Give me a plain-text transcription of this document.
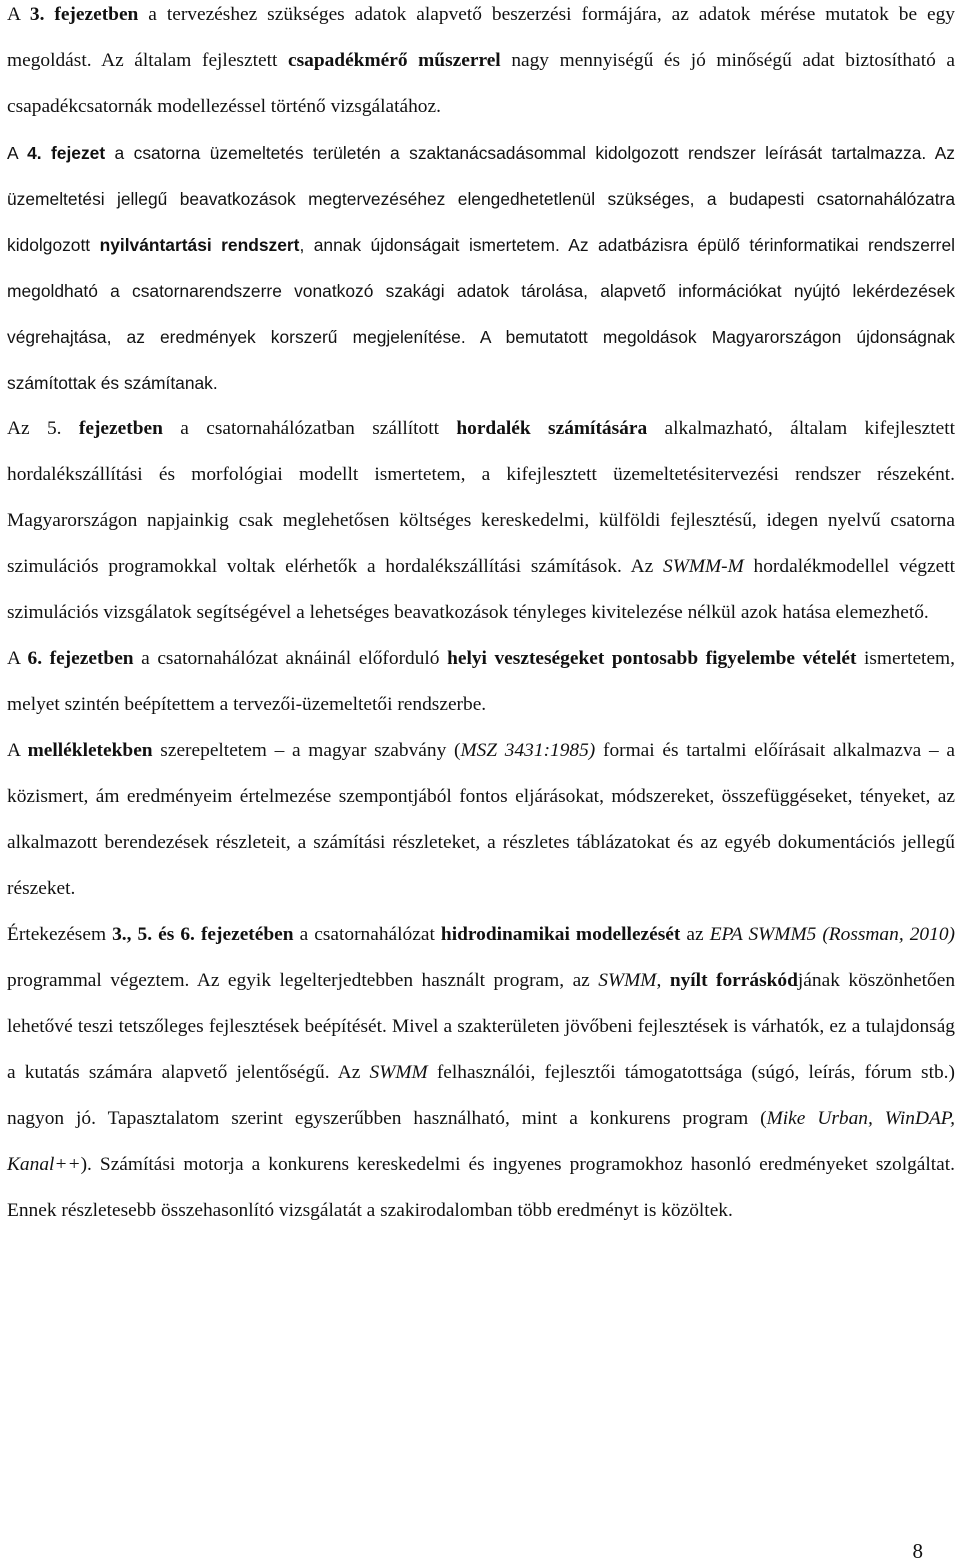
A 3. fejezetben a tervezéshez szükséges adatok alapvető beszerzési formájára, az adatok mérése mutatok be egy megoldást. Az általam fejlesztett csapadékmérő műszerrel nagy mennyiségű és jó minőségű adat biztosítható a csapadékcsatornák modellezéssel történő vizsgálatához.

A 4. fejezet a csatorna üzemeltetés területén a szaktanácsadásommal kidolgozott rendszer leírását tartalmazza. Az üzemeltetési jellegű beavatkozások megtervezéséhez elengedhetetlenül szükséges, a budapesti csatornahálózatra kidolgozott nyilvántartási rendszert, annak újdonságait ismertetem. Az adatbázisra épülő térinformatikai rendszerrel megoldható a csatornarendszerre vonatkozó szakági adatok tárolása, alapvető információkat nyújtó lekérdezések végrehajtása, az eredmények korszerű megjelenítése. A bemutatott megoldások Magyarországon újdonságnak számítottak és számítanak.

Az 5. fejezetben a csatornahálózatban szállított hordalék számítására alkalmazható, általam kifejlesztett hordalékszállítási és morfológiai modellt ismertetem, a kifejlesztett üzemeltetésitervezési rendszer részeként. Magyarországon napjainkig csak meglehetősen költséges kereskedelmi, külföldi fejlesztésű, idegen nyelvű csatorna szimulációs programokkal voltak elérhetők a hordalékszállítási számítások. Az SWMM-M hordalékmodellel végzett szimulációs vizsgálatok segítségével a lehetséges beavatkozások tényleges kivitelezése nélkül azok hatása elemezhető.

A 6. fejezetben a csatornahálózat aknáinál előforduló helyi veszteségeket pontosabb figyelembe vételét ismertetem, melyet szintén beépítettem a tervezői-üzemeltetői rendszerbe.

A mellékletekben szerepeltetem – a magyar szabvány (MSZ 3431:1985) formai és tartalmi előírásait alkalmazva – a közismert, ám eredményeim értelmezése szempontjából fontos eljárásokat, módszereket, összefüggéseket, tényeket, az alkalmazott berendezések részleteit, a számítási részleteket, a részletes táblázatokat és az egyéb dokumentációs jellegű részeket.

Értekezésem 3., 5. és 6. fejezetében a csatornahálózat hidrodinamikai modellezését az EPA SWMM5 (Rossman, 2010) programmal végeztem. Az egyik legelterjedtebben használt program, az SWMM, nyílt forráskódjának köszönhetően lehetővé teszi tetszőleges fejlesztések beépítését. Mivel a szakterületen jövőbeni fejlesztések is várhatók, ez a tulajdonság a kutatás számára alapvető jelentőségű. Az SWMM felhasználói, fejlesztői támogatottsága (súgó, leírás, fórum stb.) nagyon jó. Tapasztalatom szerint egyszerűbben használható, mint a konkurens program (Mike Urban, WinDAP, Kanal++). Számítási motorja a konkurens kereskedelmi és ingyenes programokhoz hasonló eredményeket szolgáltat. Ennek részletesebb összehasonlító vizsgálatát a szakirodalomban több eredményt is közöltek.

8
